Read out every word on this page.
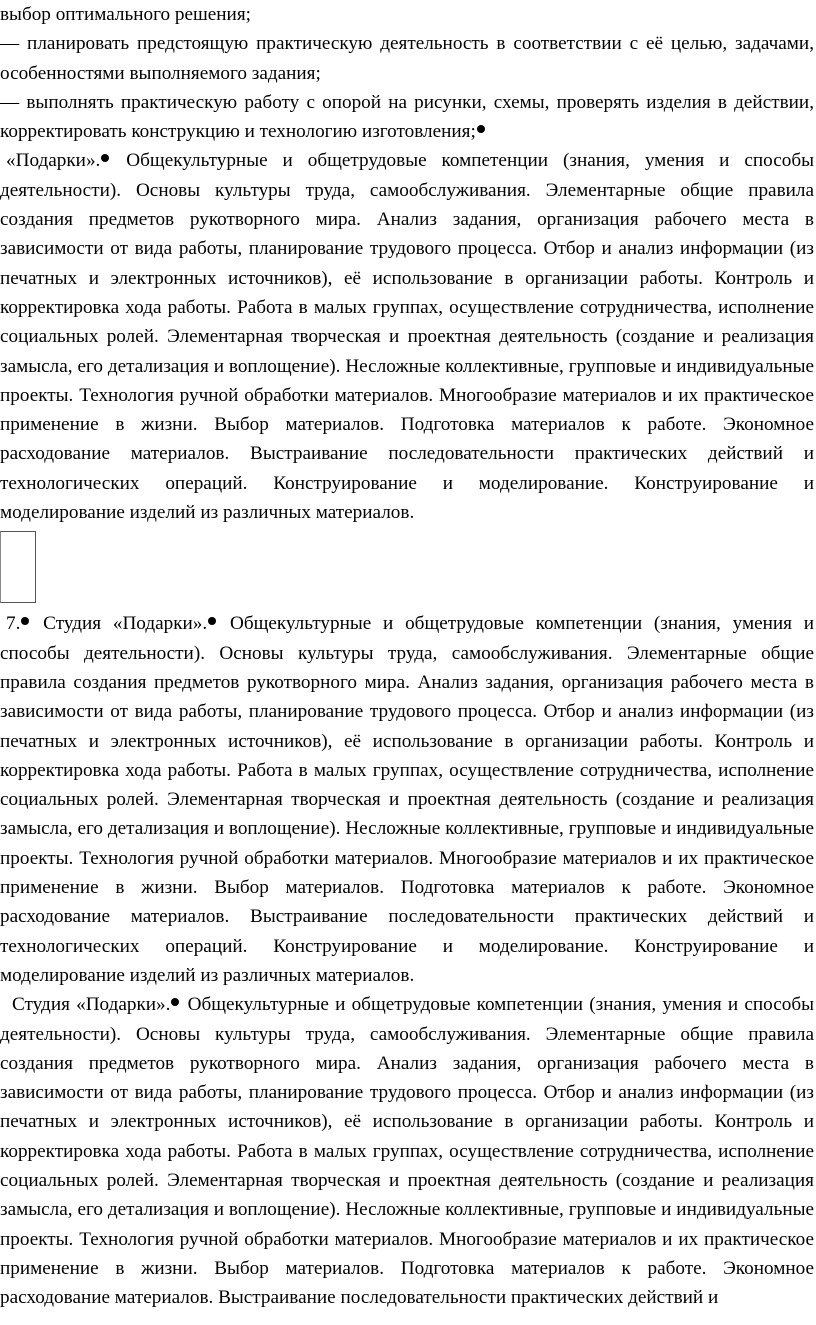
выбор оптимального решения;

— планировать предстоящую практическую деятельность в соответствии с её целью, задачами, особенностями выполняемого задания;

— выполнять практическую работу с опорой на рисунки, схемы, проверять изделия в действии, корректировать конструкцию и технологию изготовления;

«Подарки». Общекультурные и общетрудовые компетенции (знания, умения и способы деятельности). Основы культуры труда, самообслуживания. Элементарные общие правила создания предметов рукотворного мира. Анализ задания, организация рабочего места в зависимости от вида работы, планирование трудового процесса. Отбор и анализ информации (из печатных и электронных источников), её использование в организации работы. Контроль и корректировка хода работы. Работа в малых группах, осуществление сотрудничества, исполнение социальных ролей. Элементарная творческая и проектная деятельность (создание и реализация замысла, его детализация и воплощение). Несложные коллективные, групповые и индивидуальные проекты. Технология ручной обработки материалов. Многообразие материалов и их практическое применение в жизни. Выбор материалов. Подготовка материалов к работе. Экономное расходование материалов. Выстраивание последовательности практических действий и технологических операций. Конструирование и моделирование. Конструирование и моделирование изделий из различных материалов.

7. Студия «Подарки». Общекультурные и общетрудовые компетенции (знания, умения и способы деятельности). Основы культуры труда, самообслуживания. Элементарные общие правила создания предметов рукотворного мира. Анализ задания, организация рабочего места в зависимости от вида работы, планирование трудового процесса. Отбор и анализ информации (из печатных и электронных источников), её использование в организации работы. Контроль и корректировка хода работы. Работа в малых группах, осуществление сотрудничества, исполнение социальных ролей. Элементарная творческая и проектная деятельность (создание и реализация замысла, его детализация и воплощение). Несложные коллективные, групповые и индивидуальные проекты. Технология ручной обработки материалов. Многообразие материалов и их практическое применение в жизни. Выбор материалов. Подготовка материалов к работе. Экономное расходование материалов. Выстраивание последовательности практических действий и технологических операций. Конструирование и моделирование. Конструирование и моделирование изделий из различных материалов.

Студия «Подарки». Общекультурные и общетрудовые компетенции (знания, умения и способы деятельности). Основы культуры труда, самообслуживания. Элементарные общие правила создания предметов рукотворного мира. Анализ задания, организация рабочего места в зависимости от вида работы, планирование трудового процесса. Отбор и анализ информации (из печатных и электронных источников), её использование в организации работы. Контроль и корректировка хода работы. Работа в малых группах, осуществление сотрудничества, исполнение социальных ролей. Элементарная творческая и проектная деятельность (создание и реализация замысла, его детализация и воплощение). Несложные коллективные, групповые и индивидуальные проекты. Технология ручной обработки материалов. Многообразие материалов и их практическое применение в жизни. Выбор материалов. Подготовка материалов к работе. Экономное расходование материалов. Выстраивание последовательности практических действий и
